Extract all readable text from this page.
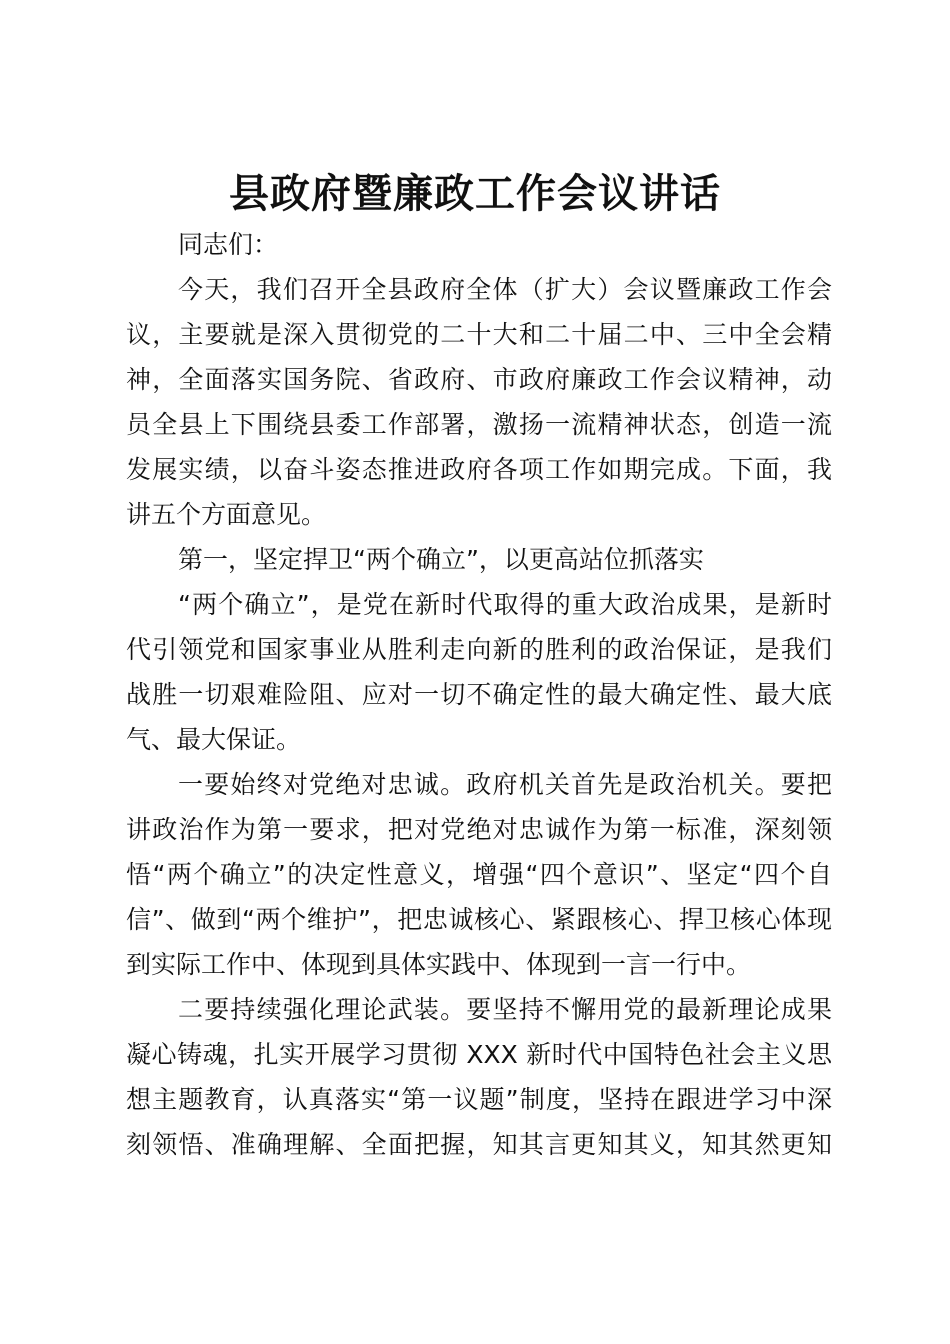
县政府暨廉政工作会议讲话
同志们：
今天，我们召开全县政府全体（扩大）会议暨廉政工作会
议，主要就是深入贯彻党的二十大和二十届二中、三中全会精
神，全面落实国务院、省政府、市政府廉政工作会议精神，动
员全县上下围绕县委工作部署，激扬一流精神状态，创造一流
发展实绩，以奋斗姿态推进政府各项工作如期完成。下面，我
讲五个方面意见。
第一，坚定捍卫“两个确立”，以更高站位抓落实
“两个确立”，是党在新时代取得的重大政治成果，是新时
代引领党和国家事业从胜利走向新的胜利的政治保证，是我们
战胜一切艰难险阻、应对一切不确定性的最大确定性、最大底
气、最大保证。
一要始终对党绝对忠诚。政府机关首先是政治机关。要把
讲政治作为第一要求，把对党绝对忠诚作为第一标准，深刻领
悟“两个确立”的决定性意义，增强“四个意识”、坚定“四个自
信”、做到“两个维护”，把忠诚核心、紧跟核心、捍卫核心体现
到实际工作中、体现到具体实践中、体现到一言一行中。
二要持续强化理论武装。要坚持不懈用党的最新理论成果
凝心铸魂，扎实开展学习贯彻 XXX 新时代中国特色社会主义思
想主题教育，认真落实“第一议题”制度，坚持在跟进学习中深
刻领悟、准确理解、全面把握，知其言更知其义，知其然更知
